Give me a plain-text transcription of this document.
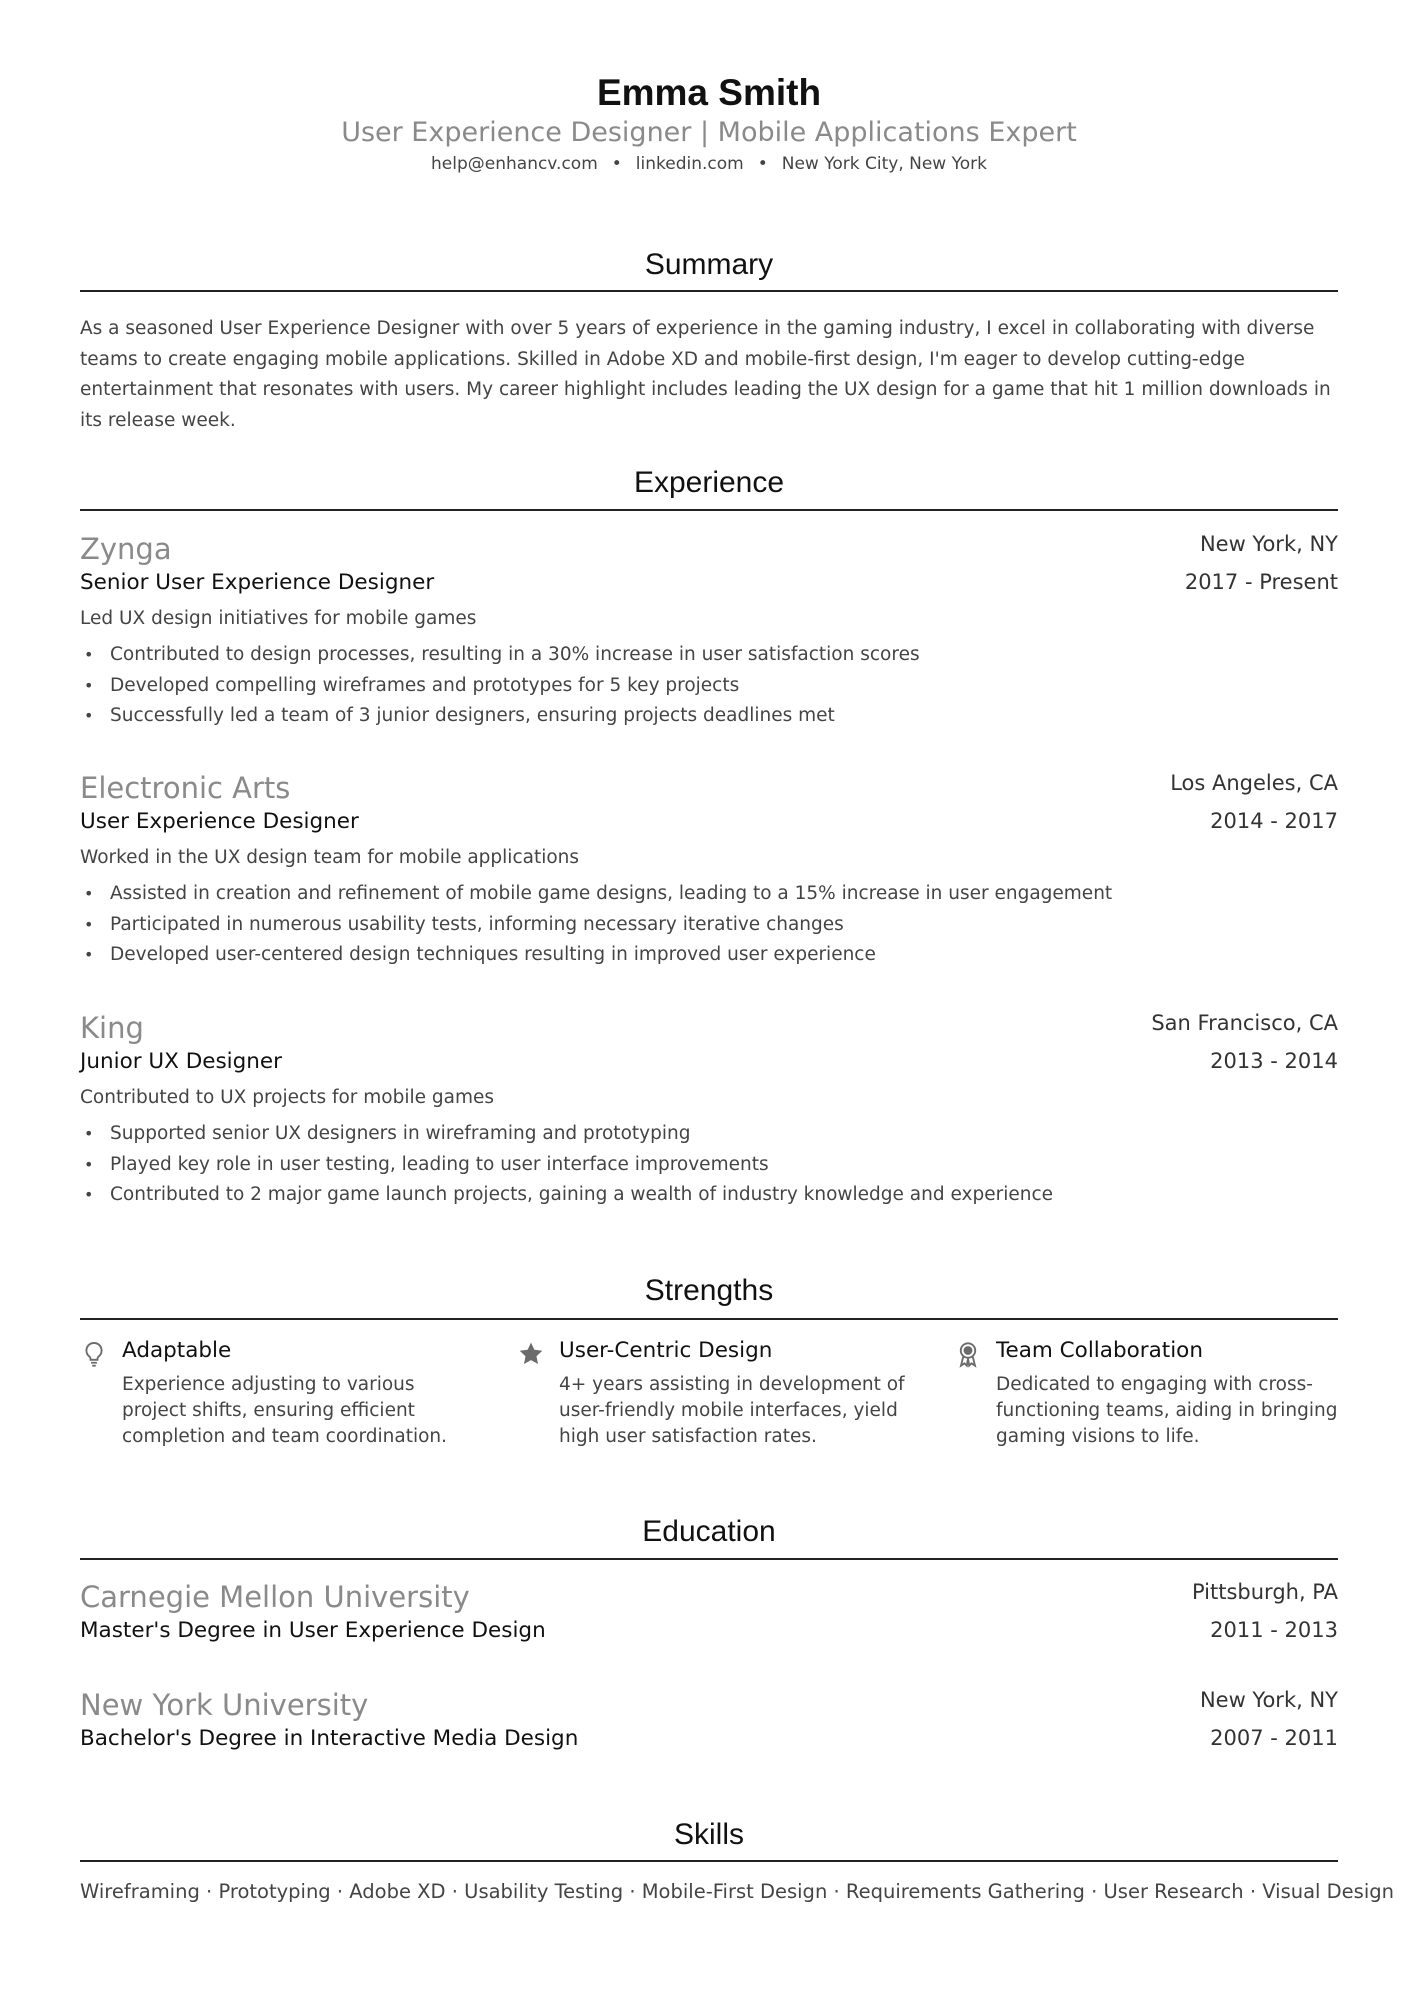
Emma Smith
User Experience Designer | Mobile Applications Expert
help@enhancv.com • linkedin.com • New York City, New York
Summary
As a seasoned User Experience Designer with over 5 years of experience in the gaming industry, I excel in collaborating with diverse teams to create engaging mobile applications. Skilled in Adobe XD and mobile-first design, I'm eager to develop cutting-edge entertainment that resonates with users. My career highlight includes leading the UX design for a game that hit 1 million downloads in its release week.
Experience
Zynga	New York, NY
Senior User Experience Designer	2017 - Present
Led UX design initiatives for mobile games
• Contributed to design processes, resulting in a 30% increase in user satisfaction scores
• Developed compelling wireframes and prototypes for 5 key projects
• Successfully led a team of 3 junior designers, ensuring projects deadlines met
Electronic Arts	Los Angeles, CA
User Experience Designer	2014 - 2017
Worked in the UX design team for mobile applications
• Assisted in creation and refinement of mobile game designs, leading to a 15% increase in user engagement
• Participated in numerous usability tests, informing necessary iterative changes
• Developed user-centered design techniques resulting in improved user experience
King	San Francisco, CA
Junior UX Designer	2013 - 2014
Contributed to UX projects for mobile games
• Supported senior UX designers in wireframing and prototyping
• Played key role in user testing, leading to user interface improvements
• Contributed to 2 major game launch projects, gaining a wealth of industry knowledge and experience
Strengths
Adaptable
Experience adjusting to various project shifts, ensuring efficient completion and team coordination.
User-Centric Design
4+ years assisting in development of user-friendly mobile interfaces, yield high user satisfaction rates.
Team Collaboration
Dedicated to engaging with cross-functioning teams, aiding in bringing gaming visions to life.
Education
Carnegie Mellon University	Pittsburgh, PA
Master's Degree in User Experience Design	2011 - 2013
New York University	New York, NY
Bachelor's Degree in Interactive Media Design	2007 - 2011
Skills
Wireframing · Prototyping · Adobe XD · Usability Testing · Mobile-First Design · Requirements Gathering · User Research · Visual Design
